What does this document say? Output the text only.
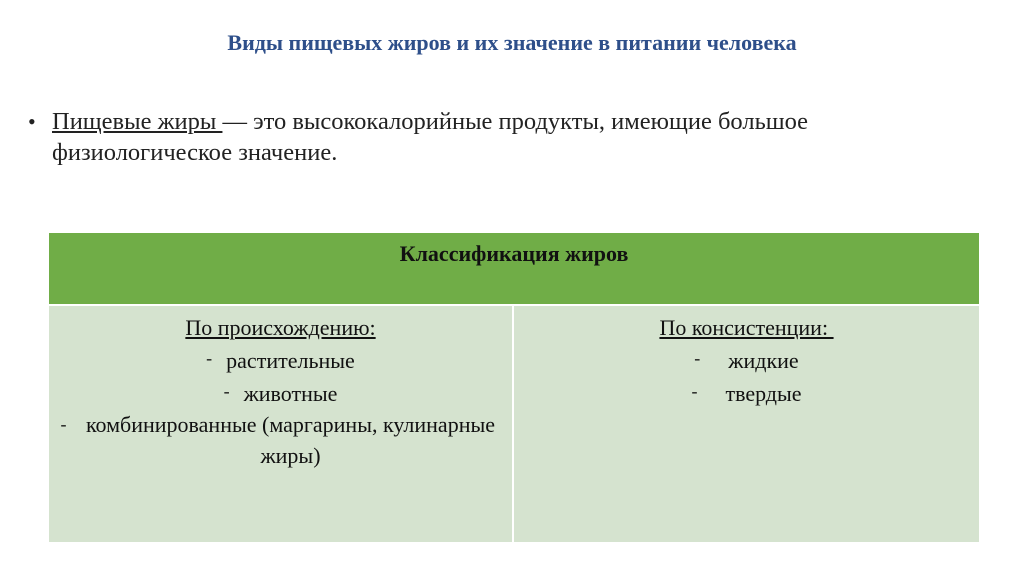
Виды пищевых жиров и их значение в питании человека
• Пищевые жиры — это высококалорийные продукты, имеющие большое физиологическое значение.
Классификация жиров
По происхождению:
- растительные
- животные
- комбинированные (маргарины, кулинарные жиры)
По консистенции:
- жидкие
- твердые
